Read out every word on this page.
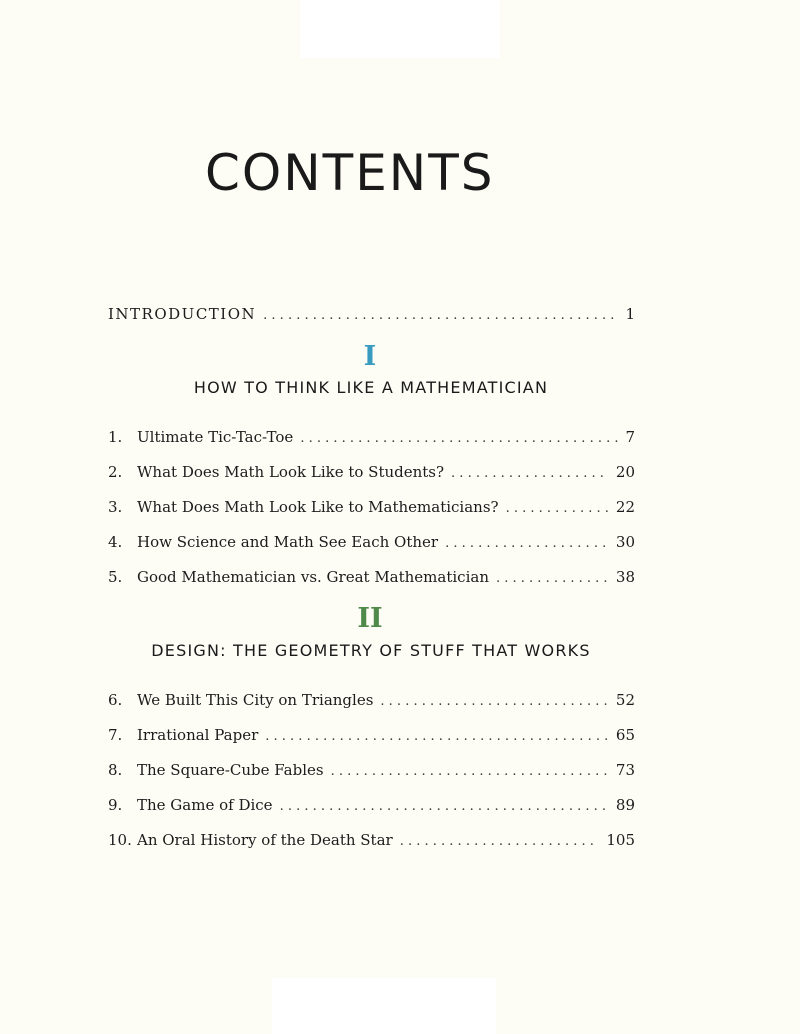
CONTENTS
INTRODUCTION . . .	1
I
HOW TO THINK LIKE A MATHEMATICIAN
1. Ultimate Tic-Tac-Toe . . .	7
2. What Does Math Look Like to Students? . . .	20
3. What Does Math Look Like to Mathematicians? . . .	22
4. How Science and Math See Each Other . . .	30
5. Good Mathematician vs. Great Mathematician . . .	38
II
DESIGN: THE GEOMETRY OF STUFF THAT WORKS
6. We Built This City on Triangles . . .	52
7. Irrational Paper . . .	65
8. The Square-Cube Fables . . .	73
9. The Game of Dice . . .	89
10. An Oral History of the Death Star . . .	105
